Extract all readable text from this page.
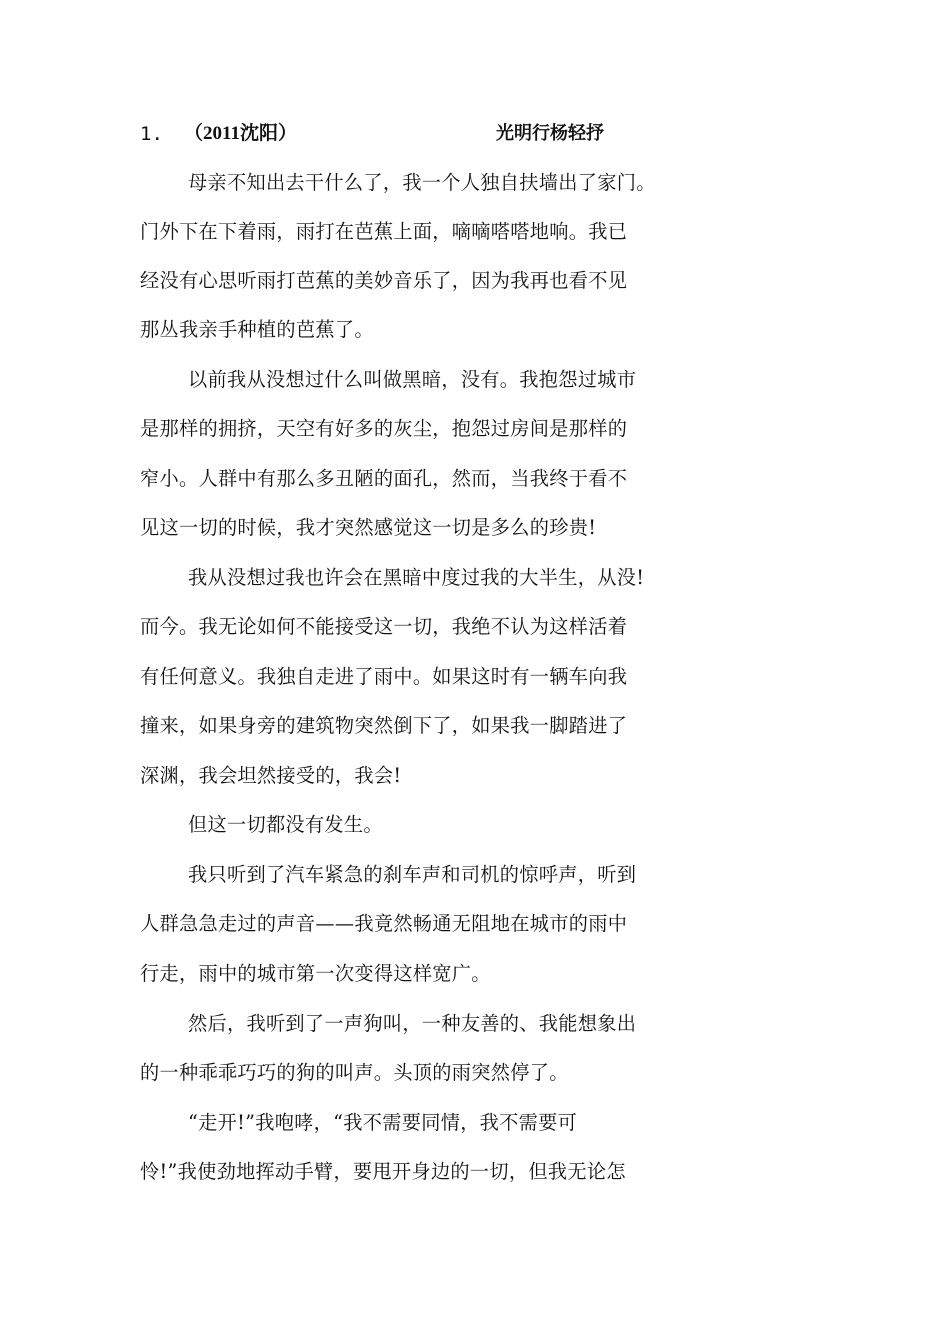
1. （2011沈阳）	光明行杨轻抒
母亲不知出去干什么了，我一个人独自扶墙出了家门。
门外下在下着雨，雨打在芭蕉上面，嘀嘀嗒嗒地响。我已
经没有心思听雨打芭蕉的美妙音乐了，因为我再也看不见
那丛我亲手种植的芭蕉了。
以前我从没想过什么叫做黑暗，没有。我抱怨过城市
是那样的拥挤，天空有好多的灰尘，抱怨过房间是那样的
窄小。人群中有那么多丑陋的面孔，然而，当我终于看不
见这一切的时候，我才突然感觉这一切是多么的珍贵!
我从没想过我也许会在黑暗中度过我的大半生，从没!
而今。我无论如何不能接受这一切，我绝不认为这样活着
有任何意义。我独自走进了雨中。如果这时有一辆车向我
撞来，如果身旁的建筑物突然倒下了，如果我一脚踏进了
深渊，我会坦然接受的，我会!
但这一切都没有发生。
我只听到了汽车紧急的刹车声和司机的惊呼声，听到
人群急急走过的声音——我竟然畅通无阻地在城市的雨中
行走，雨中的城市第一次变得这样宽广。
然后，我听到了一声狗叫，一种友善的、我能想象出
的一种乖乖巧巧的狗的叫声。头顶的雨突然停了。
“走开!”我咆哮，“我不需要同情，我不需要可
怜!”我使劲地挥动手臂，要甩开身边的一切，但我无论怎
